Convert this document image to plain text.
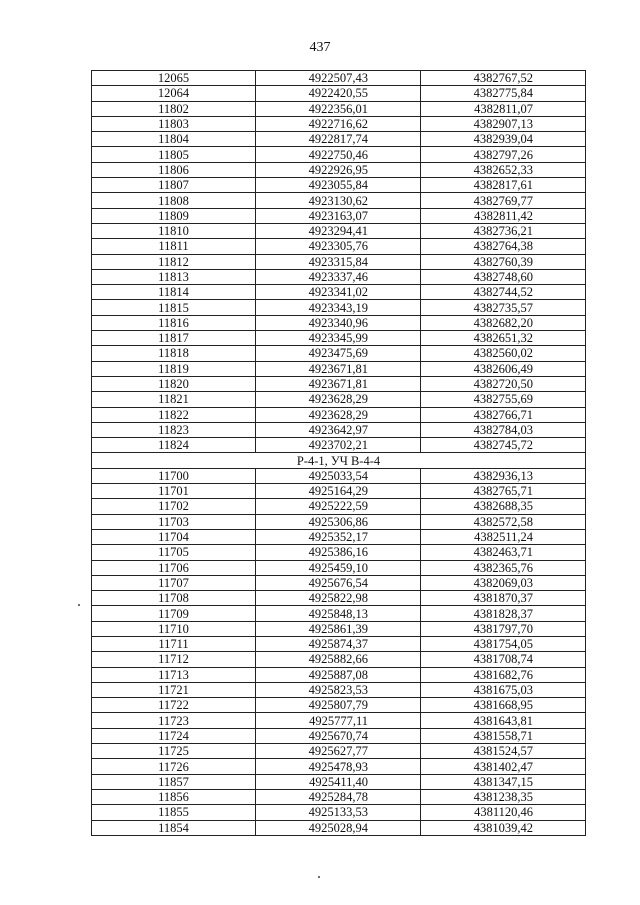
437
12065	4922507,43	4382767,52
12064	4922420,55	4382775,84
11802	4922356,01	4382811,07
11803	4922716,62	4382907,13
11804	4922817,74	4382939,04
11805	4922750,46	4382797,26
11806	4922926,95	4382652,33
11807	4923055,84	4382817,61
11808	4923130,62	4382769,77
11809	4923163,07	4382811,42
11810	4923294,41	4382736,21
11811	4923305,76	4382764,38
11812	4923315,84	4382760,39
11813	4923337,46	4382748,60
11814	4923341,02	4382744,52
11815	4923343,19	4382735,57
11816	4923340,96	4382682,20
11817	4923345,99	4382651,32
11818	4923475,69	4382560,02
11819	4923671,81	4382606,49
11820	4923671,81	4382720,50
11821	4923628,29	4382755,69
11822	4923628,29	4382766,71
11823	4923642,97	4382784,03
11824	4923702,21	4382745,72
Р-4-1, УЧ В-4-4		
11700	4925033,54	4382936,13
11701	4925164,29	4382765,71
11702	4925222,59	4382688,35
11703	4925306,86	4382572,58
11704	4925352,17	4382511,24
11705	4925386,16	4382463,71
11706	4925459,10	4382365,76
11707	4925676,54	4382069,03
11708	4925822,98	4381870,37
11709	4925848,13	4381828,37
11710	4925861,39	4381797,70
11711	4925874,37	4381754,05
11712	4925882,66	4381708,74
11713	4925887,08	4381682,76
11721	4925823,53	4381675,03
11722	4925807,79	4381668,95
11723	4925777,11	4381643,81
11724	4925670,74	4381558,71
11725	4925627,77	4381524,57
11726	4925478,93	4381402,47
11857	4925411,40	4381347,15
11856	4925284,78	4381238,35
11855	4925133,53	4381120,46
11854	4925028,94	4381039,42
